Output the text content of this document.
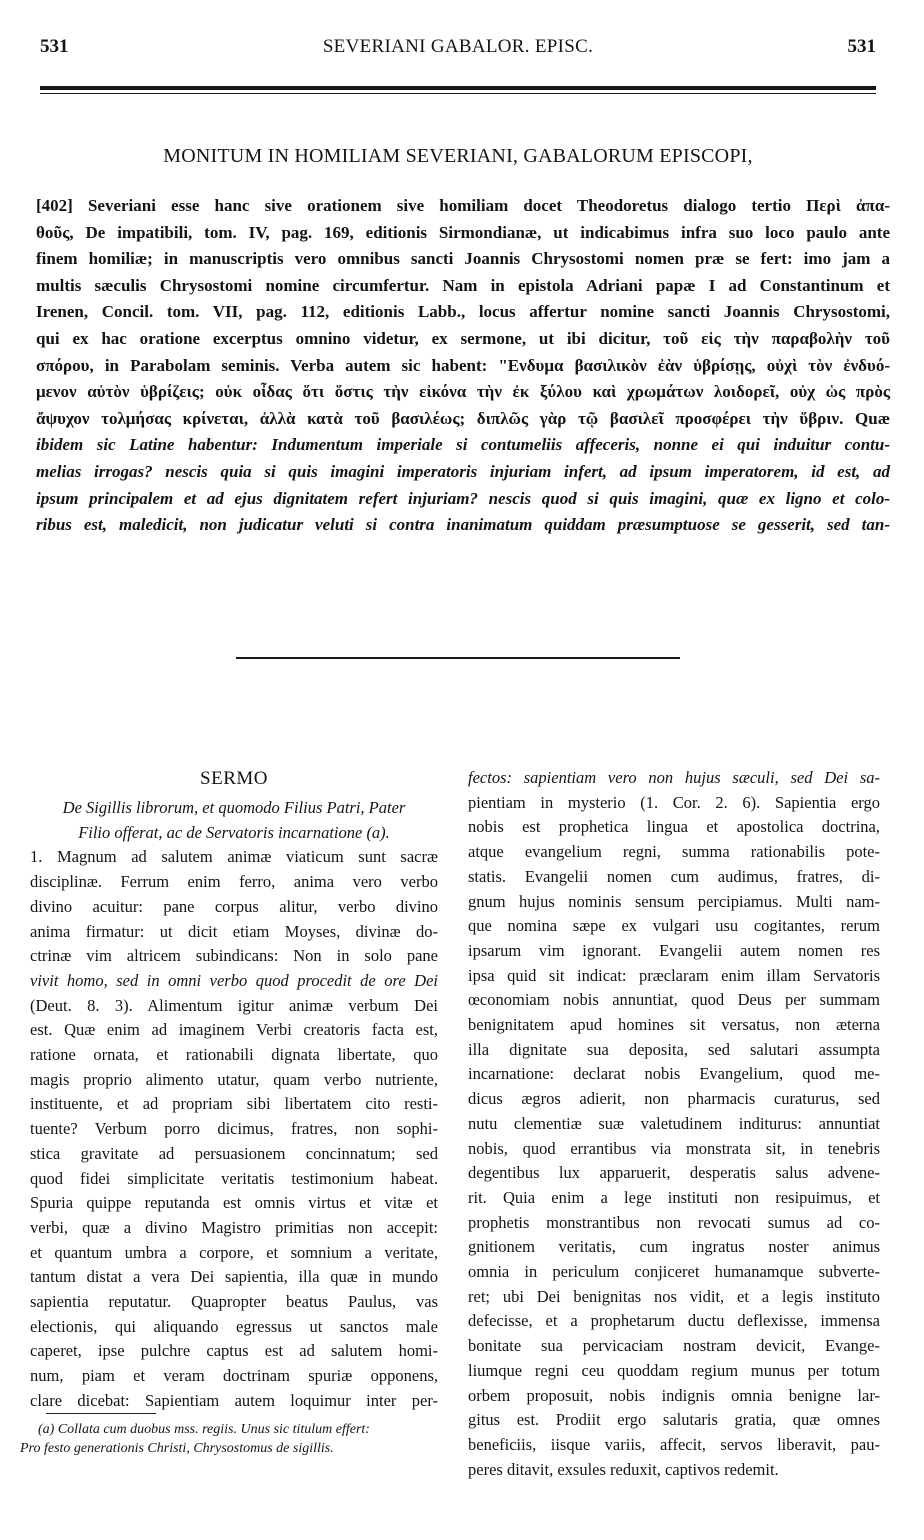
531	SEVERIANI GABALOR. EPISC.	531
MONITUM IN HOMILIAM SEVERIANI, GABALORUM EPISCOPI,
[402] Severiani esse hanc sive orationem sive homiliam docet Theodoretus dialogo tertio Περὶ ἀπα-
θοῦς, De impatibili, tom. IV, pag. 169, editionis Sirmondianæ, ut indicabimus infra suo loco paulo ante
finem homiliæ; in manuscriptis vero omnibus sancti Joannis Chrysostomi nomen præ se fert: imo jam a
multis sæculis Chrysostomi nomine circumfertur. Nam in epistola Adriani papæ I ad Constantinum et
Irenen, Concil. tom. VII, pag. 112, editionis Labb., locus affertur nomine sancti Joannis Chrysostomi,
qui ex hac oratione excerptus omnino videtur, ex sermone, ut ibi dicitur, τοῦ εἰς τὴν παραβολὴν τοῦ
σπόρου, in Parabolam seminis. Verba autem sic habent: "Ενδυμα βασιλικὸν ἐὰν ὑβρίσῃς, οὐχὶ τὸν ἐνδυό-
μενον αὐτὸν ὑβρίζεις; οὐκ οἶδας ὅτι ὅστις τὴν εἰκόνα τὴν ἐκ ξύλου καὶ χρωμάτων λοιδορεῖ, οὐχ ὡς πρὸς
ἄψυχον τολμήσας κρίνεται, ἀλλὰ κατὰ τοῦ βασιλέως; διπλῶς γὰρ τῷ βασιλεῖ προσφέρει τὴν ὕβριν. Quæ
ibidem sic Latine habentur: Indumentum imperiale si contumeliis affeceris, nonne ei qui induitur contu-
melias irrogas? nescis quia si quis imagini imperatoris injuriam infert, ad ipsum imperatorem, id est, ad
ipsum principalem et ad ejus dignitatem refert injuriam? nescis quod si quis imagini, quæ ex ligno et colo-
ribus est, maledicit, non judicatur veluti si contra inanimatum quiddam præsumptuose se gesserit, sed tan-
SERMO
De Sigillis librorum, et quomodo Filius Patri, Pater
Filio offerat, ac de Servatoris incarnatione (a).
1. Magnum ad salutem animæ viaticum sunt sacræ
disciplinæ. Ferrum enim ferro, anima vero verbo
divino acuitur: pane corpus alitur, verbo divino
anima firmatur: ut dicit etiam Moyses, divinæ do-
ctrinæ vim altricem subindicans: Non in solo pane
vivit homo, sed in omni verbo quod procedit de ore Dei
(Deut. 8. 3). Alimentum igitur animæ verbum Dei
est. Quæ enim ad imaginem Verbi creatoris facta est,
ratione ornata, et rationabili dignata libertate, quo
magis proprio alimento utatur, quam verbo nutriente,
instituente, et ad propriam sibi libertatem cito resti-
tuente? Verbum porro dicimus, fratres, non sophi-
stica gravitate ad persuasionem concinnatum; sed
quod fidei simplicitate veritatis testimonium habeat.
Spuria quippe reputanda est omnis virtus et vitæ et
verbi, quæ a divino Magistro primitias non accepit:
et quantum umbra a corpore, et somnium a veritate,
tantum distat a vera Dei sapientia, illa quæ in mundo
sapientia reputatur. Quapropter beatus Paulus, vas
electionis, qui aliquando egressus ut sanctos male
caperet, ipse pulchre captus est ad salutem homi-
num, piam et veram doctrinam spuriæ opponens,
clare dicebat: Sapientiam autem loquimur inter per-
fectos: sapientiam vero non hujus sæculi, sed Dei sa-
pientiam in mysterio (1. Cor. 2. 6). Sapientia ergo
nobis est prophetica lingua et apostolica doctrina,
atque evangelium regni, summa rationabilis pote-
statis. Evangelii nomen cum audimus, fratres, di-
gnum hujus nominis sensum percipiamus. Multi nam-
que nomina sæpe ex vulgari usu cogitantes, rerum
ipsarum vim ignorant. Evangelii autem nomen res
ipsa quid sit indicat: præclaram enim illam Servatoris
œconomiam nobis annuntiat, quod Deus per summam
benignitatem apud homines sit versatus, non æterna
illa dignitate sua deposita, sed salutari assumpta
incarnatione: declarat nobis Evangelium, quod me-
dicus ægros adierit, non pharmacis curaturus, sed
nutu clementiæ suæ valetudinem inditurus: annuntiat
nobis, quod errantibus via monstrata sit, in tenebris
degentibus lux apparuerit, desperatis salus advene-
rit. Quia enim a lege instituti non resipuimus, et
prophetis monstrantibus non revocati sumus ad co-
gnitionem veritatis, cum ingratus noster animus
omnia in periculum conjiceret humanamque subverte-
ret; ubi Dei benignitas nos vidit, et a legis instituto
defecisse, et a prophetarum ductu deflexisse, immensa
bonitate sua pervicaciam nostram devicit, Evange-
liumque regni ceu quoddam regium munus per totum
orbem proposuit, nobis indignis omnia benigne lar-
gitus est. Prodiit ergo salutaris gratia, quæ omnes
beneficiis, iisque variis, affecit, servos liberavit, pau-
peres ditavit, exsules reduxit, captivos redemit.
(a) Collata cum duobus mss. regiis. Unus sic titulum effert:
Pro festo generationis Christi, Chrysostomus de sigillis.
